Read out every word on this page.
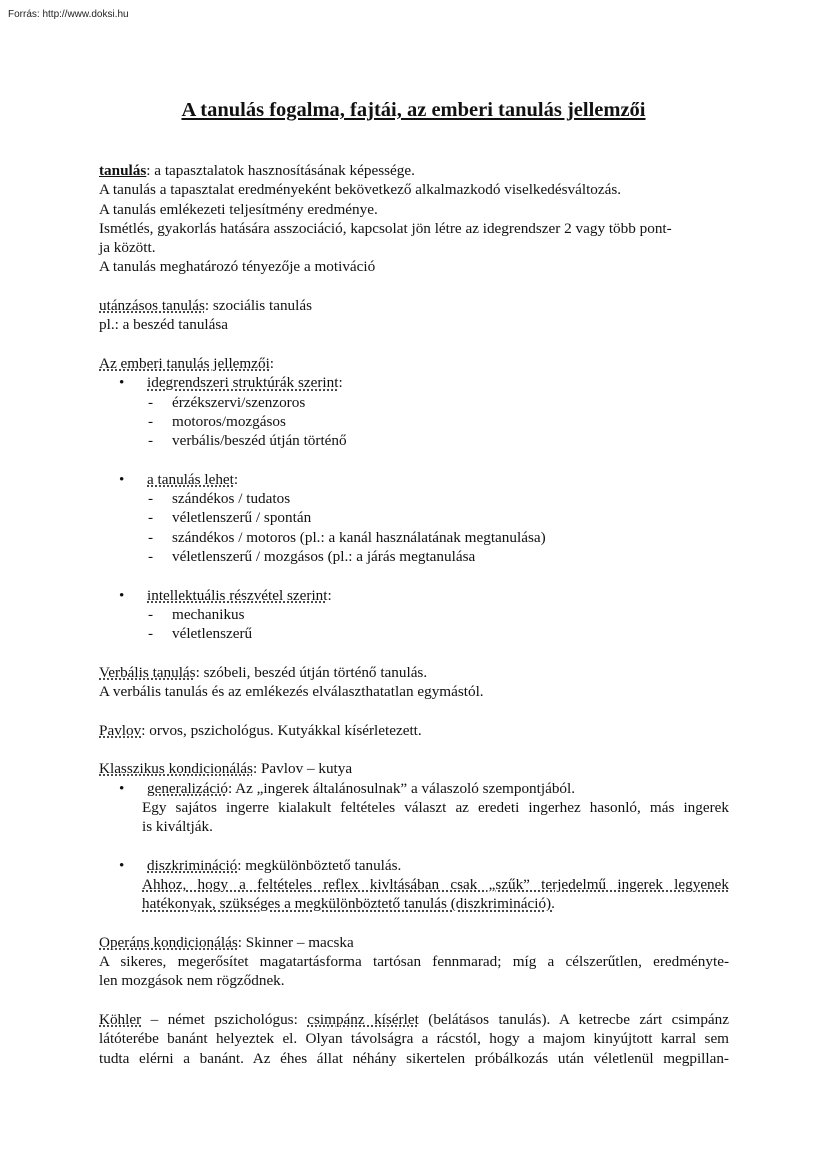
Forrás: http://www.doksi.hu
A tanulás fogalma, fajtái, az emberi tanulás jellemzői

tanulás: a tapasztalatok hasznosításának képessége.

A tanulás a tapasztalat eredményeként bekövetkező alkalmazkodó viselkedésváltozás.

A tanulás emlékezeti teljesítmény eredménye.

Ismétlés, gyakorlás hatására asszociáció, kapcsolat jön létre az idegrendszer 2 vagy több pont-

ja között.

A tanulás meghatározó tényezője a motiváció

utánzásos tanulás: szociális tanulás

pl.: a beszéd tanulása

Az emberi tanulás jellemzői:

• idegrendszeri struktúrák szerint:

- érzékszervi/szenzoros

- motoros/mozgásos

- verbális/beszéd útján történő

• a tanulás lehet:

- szándékos / tudatos

- véletlenszerű / spontán

- szándékos / motoros (pl.: a kanál használatának megtanulása)

- véletlenszerű / mozgásos (pl.: a járás megtanulása

• intellektuális részvétel szerint:

- mechanikus

- véletlenszerű

Verbális tanulás: szóbeli, beszéd útján történő tanulás.

A verbális tanulás és az emlékezés elválaszthatatlan egymástól.

Pavlov: orvos, pszichológus. Kutyákkal kísérletezett.

Klasszikus kondicionálás: Pavlov – kutya

• generalizáció: Az „ingerek általánosulnak” a válaszoló szempontjából.

Egy sajátos ingerre kialakult feltételes választ az eredeti ingerhez hasonló, más ingerek

is kiváltják.

• diszkrimináció: megkülönböztető tanulás.

Ahhoz, hogy a feltételes reflex kivltásában csak „szűk” terjedelmű ingerek legyenek

hatékonyak, szükséges a megkülönböztető tanulás (diszkrimináció).

Operáns kondicionálás: Skinner – macska

A sikeres, megerősítet magatartásforma tartósan fennmarad; míg a célszerűtlen, eredményte-

len mozgások nem rögződnek.

Köhler – német pszichológus: csimpánz kísérlet (belátásos tanulás). A ketrecbe zárt csimpánz

látóterébe banánt helyeztek el. Olyan távolságra a rácstól, hogy a majom kinyújtott karral sem

tudta elérni a banánt. Az éhes állat néhány sikertelen próbálkozás után véletlenül megpillan-
